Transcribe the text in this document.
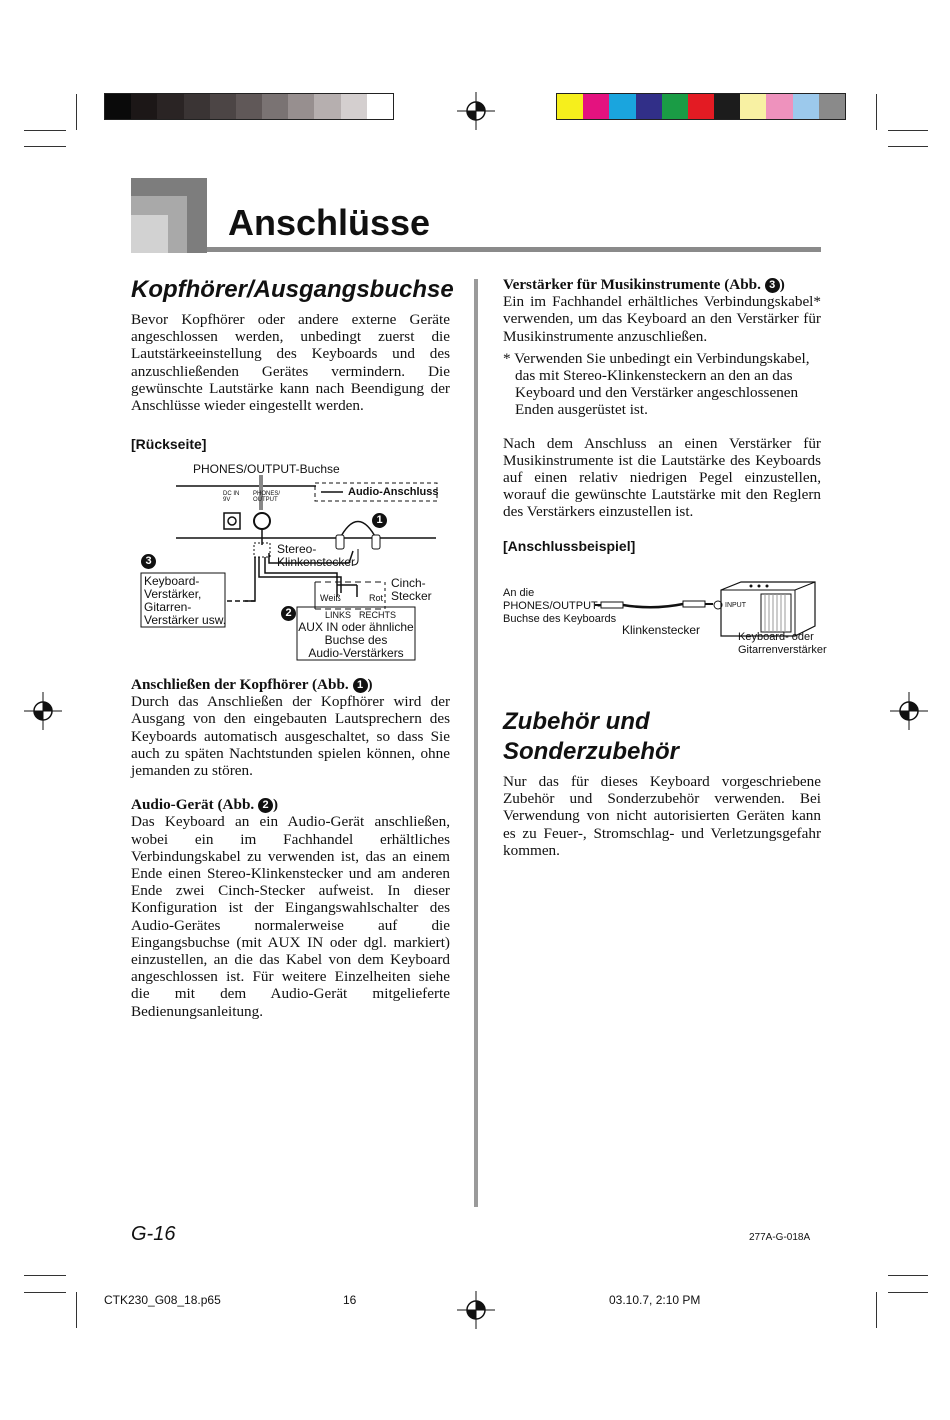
Anschlüsse
Kopfhörer/Ausgangsbuchse

Bevor Kopfhörer oder andere externe Geräte angeschlossen werden, unbedingt zuerst die Lautstärkeeinstellung des Keyboards und des anzuschließenden Gerätes vermindern. Die gewünschte Lautstärke kann nach Beendigung der Anschlüsse wieder eingestellt werden.

[Rückseite]

PHONES/OUTPUT-Buchse
DC IN
9V
PHONES/
OUTPUT
Audio-Anschluss
Stereo-
Klinkenstecker
Cinch-
Stecker
Weiß	Rot
LINKS RECHTS
AUX IN oder ähnliche
Buchse des
Audio-Verstärkers
Keyboard-
Verstärker,
Gitarren-
Verstärker usw.
1
2
3

Anschließen der Kopfhörer (Abb. 1 )

Durch das Anschließen der Kopfhörer wird der Ausgang von den eingebauten Lautsprechern des Keyboards automatisch ausgeschaltet, so dass Sie auch zu späten Nachtstunden spielen können, ohne jemanden zu stören.

Audio-Gerät (Abb. 2 )

Das Keyboard an ein Audio-Gerät anschließen, wobei ein im Fachhandel erhältliches Verbindungskabel zu verwenden ist, das an einem Ende einen Stereo-Klinkenstecker und am anderen Ende zwei Cinch-Stecker aufweist. In dieser Konfiguration ist der Eingangswahlschalter des Audio-Gerätes normalerweise auf die Eingangsbuchse (mit AUX IN oder dgl. markiert) einzustellen, an die das Kabel von dem Keyboard angeschlossen ist. Für weitere Einzelheiten siehe die mit dem Audio-Gerät mitgelieferte Bedienungsanleitung.

Verstärker für Musikinstrumente (Abb. 3 )

Ein im Fachhandel erhältliches Verbindungskabel* verwenden, um das Keyboard an den Verstärker für Musikinstrumente anzuschließen.

* Verwenden Sie unbedingt ein Verbindungskabel, das mit Stereo-Klinkensteckern an den an das Keyboard und den Verstärker angeschlossenen Enden ausgerüstet ist.

Nach dem Anschluss an einen Verstärker für Musikinstrumente ist die Lautstärke des Keyboards auf einen relativ niedrigen Pegel einzustellen, worauf die gewünschte Lautstärke mit den Reglern des Verstärkers einzustellen ist.

[Anschlussbeispiel]

An die
PHONES/OUTPUT-
Buchse des Keyboards
Klinkenstecker
INPUT
Keyboard- oder
Gitarrenverstärker
Zubehör und Sonderzubehör

Nur das für dieses Keyboard vorgeschriebene Zubehör und Sonderzubehör verwenden. Bei Verwendung von nicht autorisierten Geräten kann es zu Feuer-, Stromschlag- und Verletzungsgefahr kommen.

G-16	277A-G-018A
CTK230_G08_18.p65	16	03.10.7, 2:10 PM
